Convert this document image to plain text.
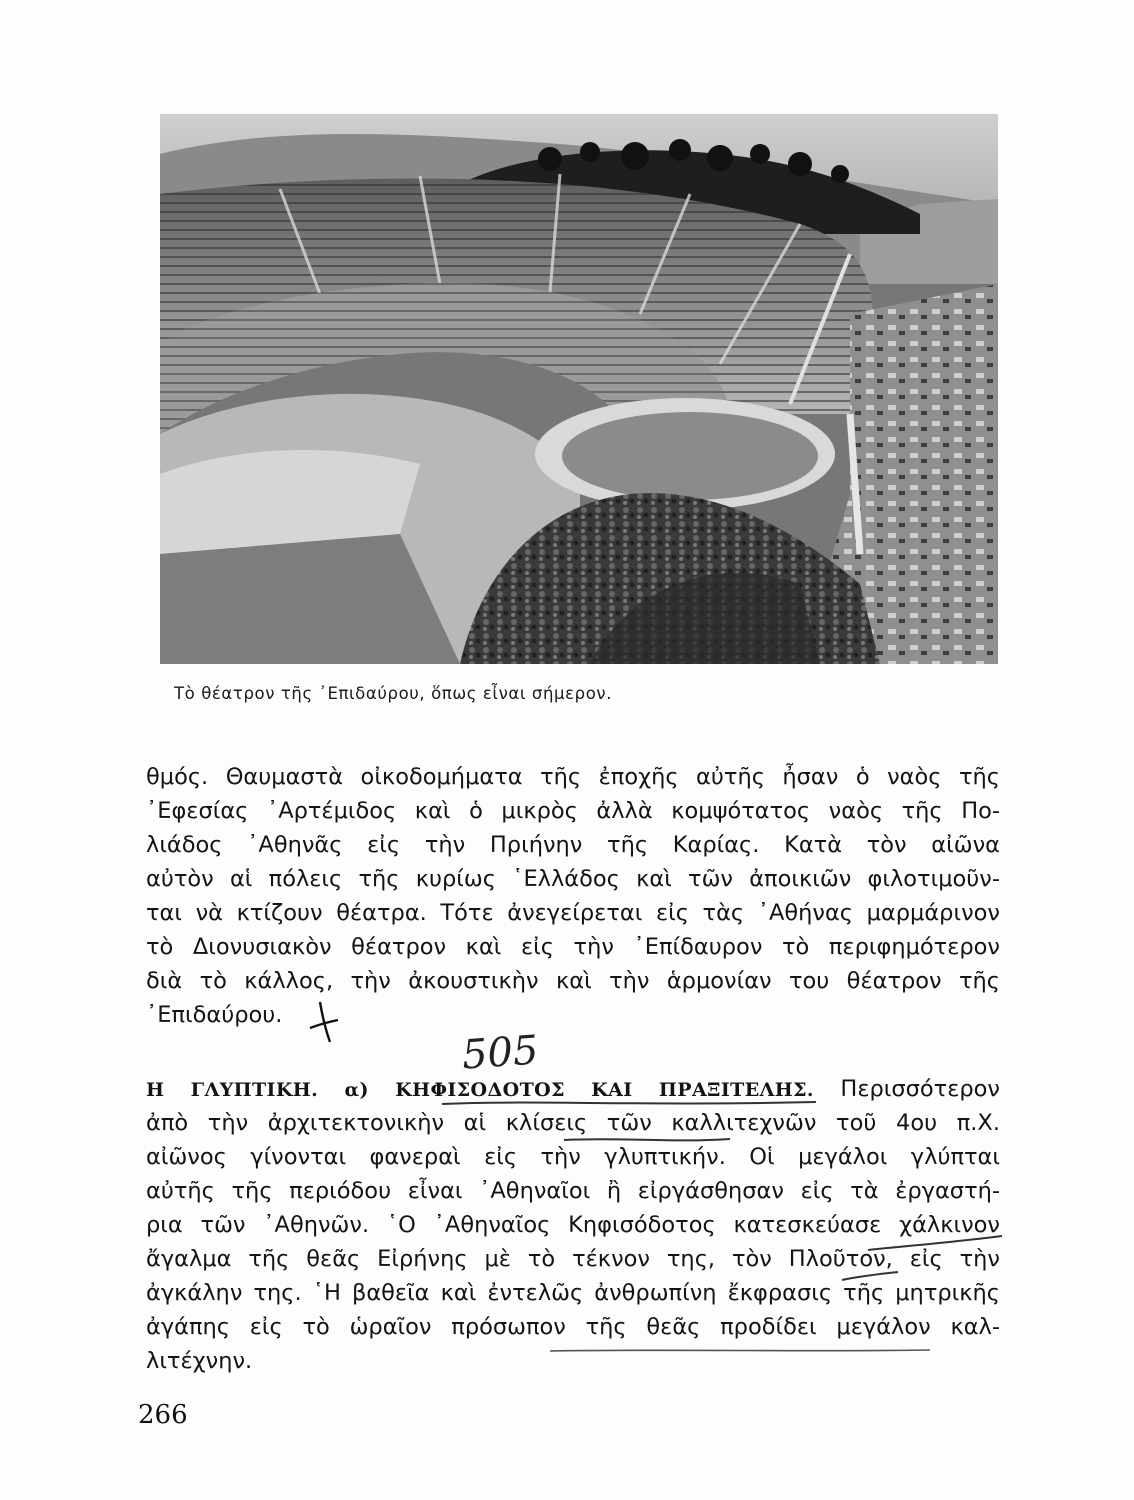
Τὸ θέατρον τῆς ᾿Επιδαύρου, ὅπως εἶναι σήμερον.
θμός. Θαυμαστὰ οἰκοδομήματα τῆς ἐποχῆς αὐτῆς ἦσαν ὁ ναὸς τῆς
᾿Εφεσίας ᾿Αρτέμιδος καὶ ὁ μικρὸς ἀλλὰ κομψότατος ναὸς τῆς Πο-
λιάδος ᾿Αθηνᾶς εἰς τὴν Πριήνην τῆς Καρίας. Κατὰ τὸν αἰῶνα
αὐτὸν αἱ πόλεις τῆς κυρίως ῾Ελλάδος καὶ τῶν ἀποικιῶν φιλοτιμοῦν-
ται νὰ κτίζουν θέατρα. Τότε ἀνεγείρεται εἰς τὰς ᾿Αθήνας μαρμάρινον
τὸ Διονυσιακὸν θέατρον καὶ εἰς τὴν ᾿Επίδαυρον τὸ περιφημότερον
διὰ τὸ κάλλος, τὴν ἀκουστικὴν καὶ τὴν ἁρμονίαν του θέατρον τῆς
᾿Επιδαύρου.
505
Η ΓΛΥΠΤΙΚΗ. α) ΚΗΦΙΣΟΔΟΤΟΣ ΚΑΙ ΠΡΑΞΙΤΕΛΗΣ. Περισσότερον
ἀπὸ τὴν ἀρχιτεκτονικὴν αἱ κλίσεις τῶν καλλιτεχνῶν τοῦ 4ου π.Χ.
αἰῶνος γίνονται φανεραὶ εἰς τὴν γλυπτικήν. Οἱ μεγάλοι γλύπται
αὐτῆς τῆς περιόδου εἶναι ᾿Αθηναῖοι ἢ εἰργάσθησαν εἰς τὰ ἐργαστή-
ρια τῶν ᾿Αθηνῶν. ῾Ο ᾿Αθηναῖος Κηφισόδοτος κατεσκεύασε χάλκινον
ἄγαλμα τῆς θεᾶς Εἰρήνης μὲ τὸ τέκνον της, τὸν Πλοῦτον, εἰς τὴν
ἀγκάλην της. ῾Η βαθεῖα καὶ ἐντελῶς ἀνθρωπίνη ἔκφρασις τῆς μητρικῆς
ἀγάπης εἰς τὸ ὡραῖον πρόσωπον τῆς θεᾶς προδίδει μεγάλον καλ-
λιτέχνην.
266
